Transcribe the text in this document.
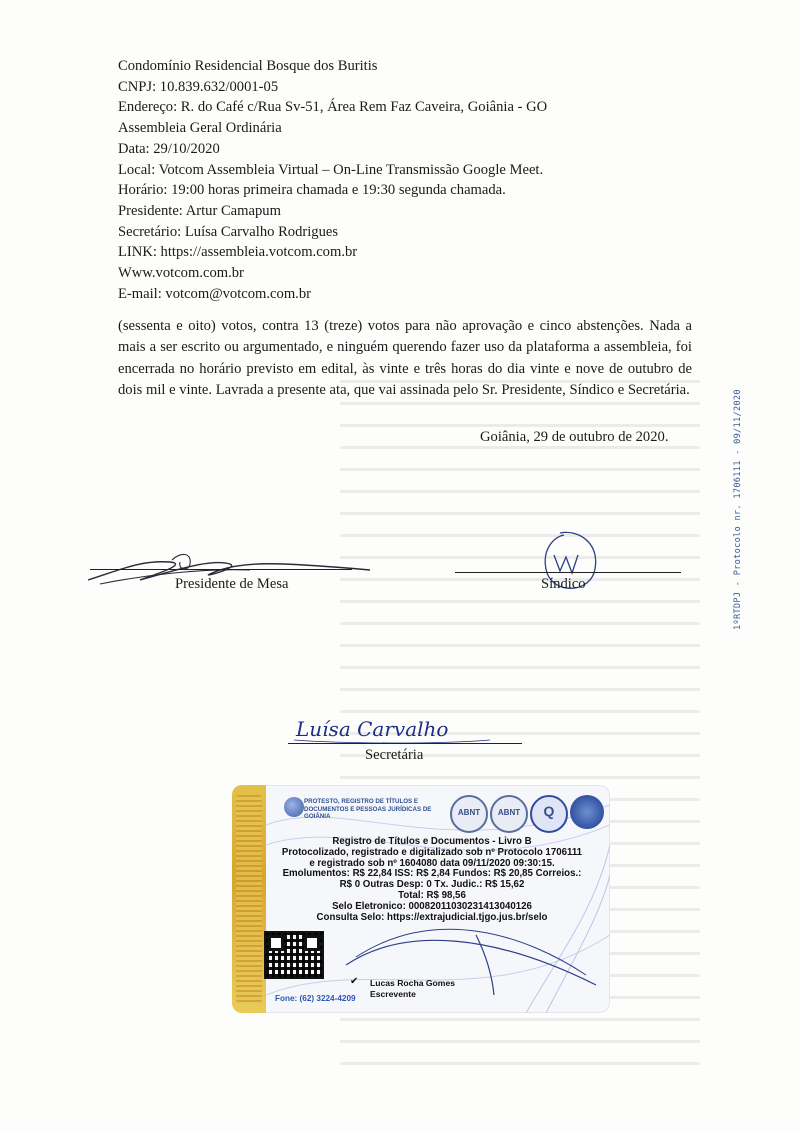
Condomínio Residencial Bosque dos Buritis
CNPJ: 10.839.632/0001-05
Endereço: R. do Café c/Rua Sv-51, Área Rem Faz Caveira, Goiânia - GO
Assembleia Geral Ordinária
Data: 29/10/2020
Local: Votcom Assembleia Virtual – On-Line Transmissão Google Meet.
Horário: 19:00 horas primeira chamada e 19:30 segunda chamada.
Presidente: Artur Camapum
Secretário: Luísa Carvalho Rodrigues
LINK: https://assembleia.votcom.com.br
Www.votcom.com.br
E-mail: votcom@votcom.com.br
(sessenta e oito) votos, contra 13 (treze) votos para não aprovação e cinco abstenções. Nada a mais a ser escrito ou argumentado, e ninguém querendo fazer uso da plataforma a assembleia, foi encerrada no horário previsto em edital, às vinte e três horas do dia vinte e nove de outubro de dois mil e vinte. Lavrada a presente ata, que vai assinada pelo Sr. Presidente, Síndico e Secretária.
Goiânia, 29 de outubro de 2020.	1ºRTDPJ - Protocolo nr. 1706111 - 09/11/2020
Presidente de Mesa	Síndico
Luísa Carvalho
Secretária
PROTESTO, REGISTRO DE TÍTULOS E DOCUMENTOS E PESSOAS JURÍDICAS DE GOIÂNIA	ABNT	ABNT	Q
Registro de Títulos e Documentos - Livro B
Protocolizado, registrado e digitalizado sob nº Protocolo 1706111
e registrado sob nº 1604080 data 09/11/2020 09:30:15.
Emolumentos: R$ 22,84 ISS: R$ 2,84 Fundos: R$ 20,85 Correios.:
R$ 0 Outras Desp: 0 Tx. Judic.: R$ 15,62
Total: R$ 98,56
Selo Eletronico: 00082011030231413040126
Consulta Selo: https://extrajudicial.tjgo.jus.br/selo
Fone: (62) 3224-4209
✔ Lucas Rocha Gomes
Escrevente
